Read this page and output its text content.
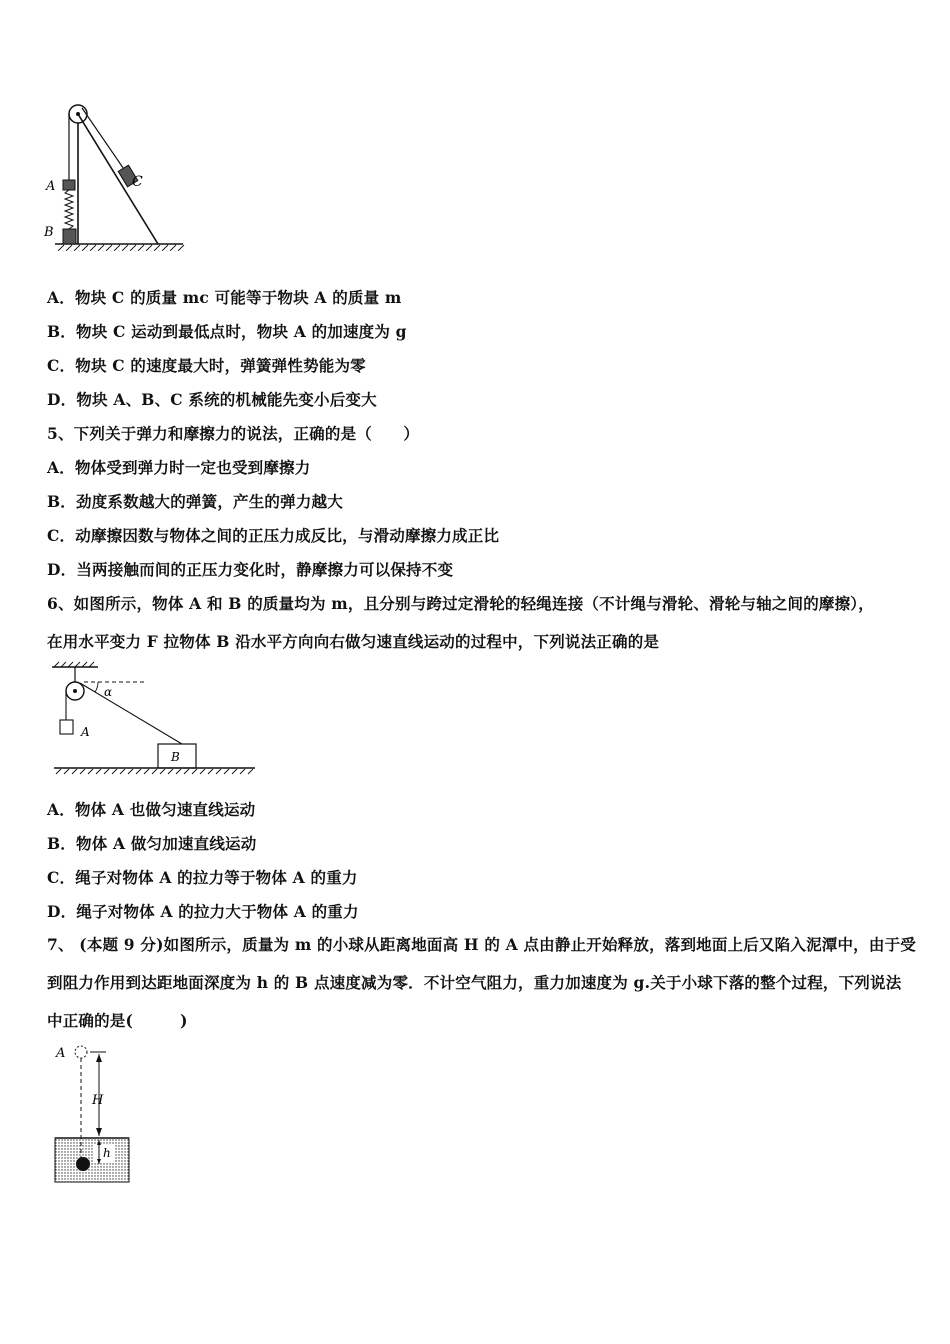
A
B
C
A．物块 C 的质量 mc 可能等于物块 A 的质量 m
B．物块 C 运动到最低点时，物块 A 的加速度为 g
C．物块 C 的速度最大时，弹簧弹性势能为零
D．物块 A、B、C 系统的机械能先变小后变大
5、下列关于弹力和摩擦力的说法，正确的是（　　）
A．物体受到弹力时一定也受到摩擦力
B．劲度系数越大的弹簧，产生的弹力越大
C．动摩擦因数与物体之间的正压力成反比，与滑动摩擦力成正比
D．当两接触而间的正压力变化时，静摩擦力可以保持不变
6、如图所示，物体 A 和 B 的质量均为 m，且分别与跨过定滑轮的轻绳连接（不计绳与滑轮、滑轮与轴之间的摩擦），
在用水平变力 F 拉物体 B 沿水平方向向右做匀速直线运动的过程中，下列说法正确的是
α
A
B
A．物体 A 也做匀速直线运动
B．物体 A 做匀加速直线运动
C．绳子对物体 A 的拉力等于物体 A 的重力
D．绳子对物体 A 的拉力大于物体 A 的重力
7、 (本题 9 分)如图所示，质量为 m 的小球从距离地面高 H 的 A 点由静止开始释放，落到地面上后又陷入泥潭中，由于受到阻力作用到达距地面深度为 h 的 B 点速度减为零．不计空气阻力，重力加速度为 g.关于小球下落的整个过程，下列说法中正确的是(　　　)
A
H
h
